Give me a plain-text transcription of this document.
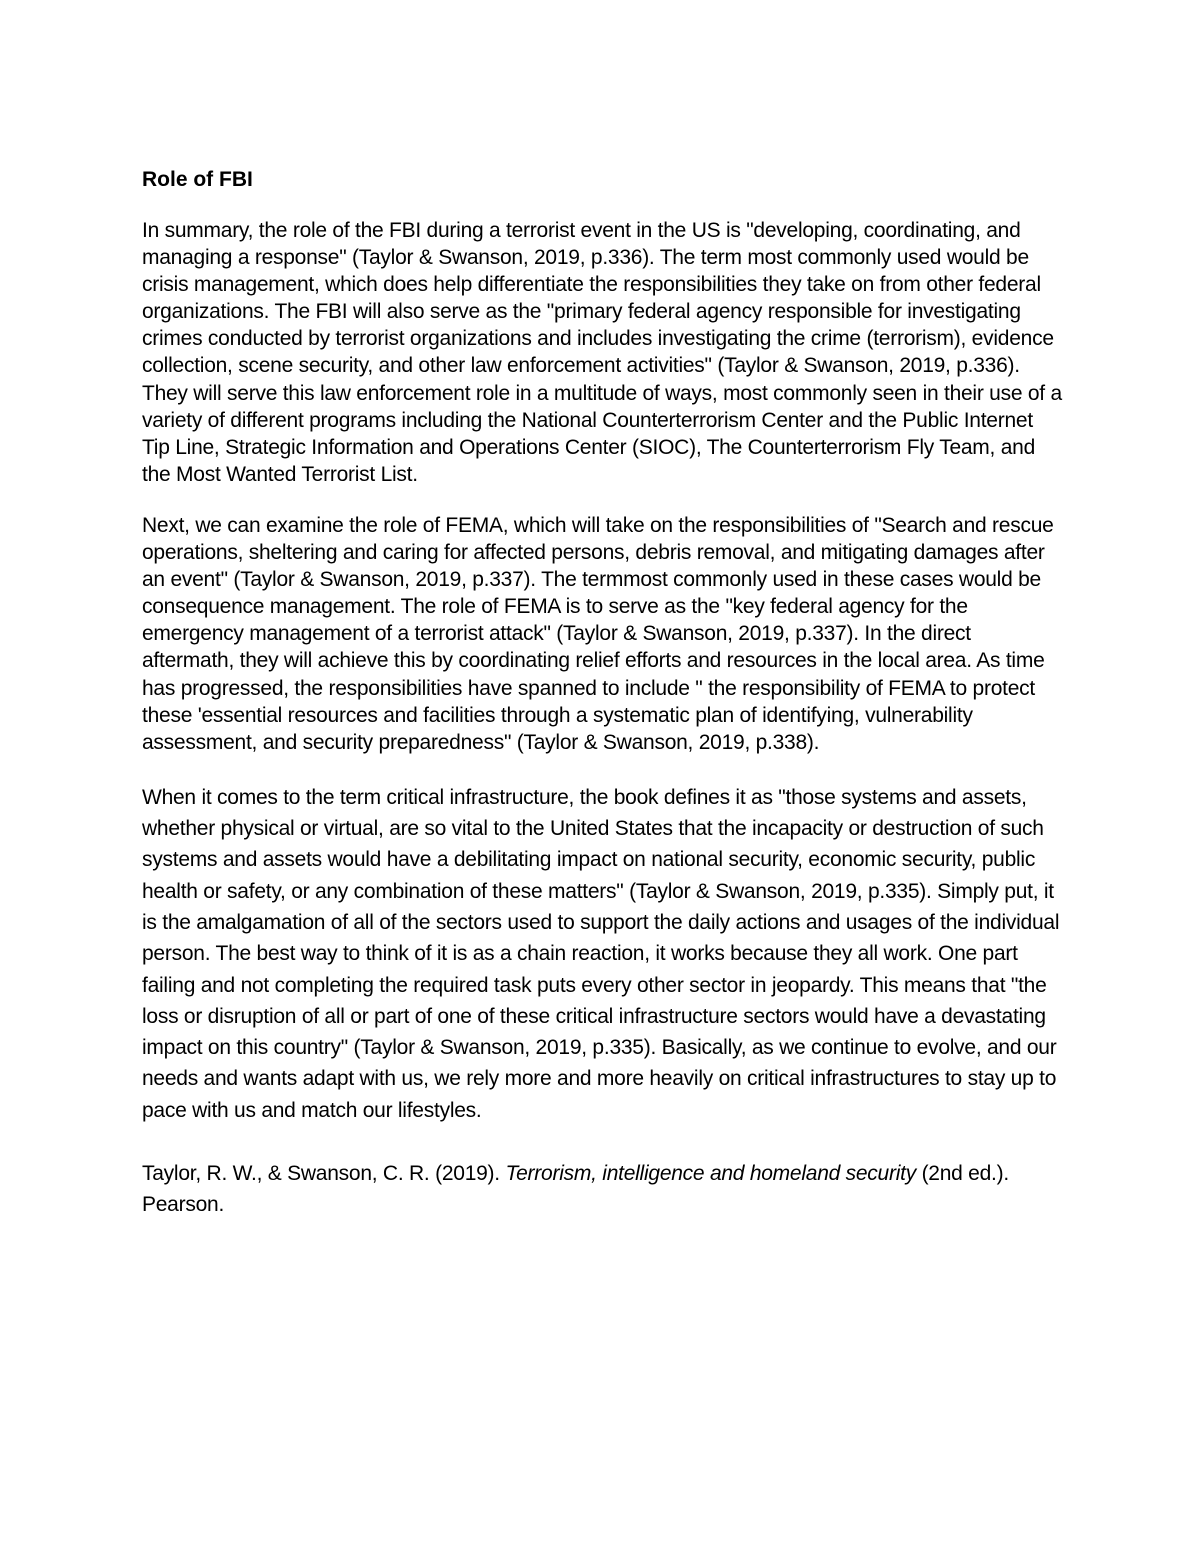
Role of FBI

In summary, the role of the FBI during a terrorist event in the US is "developing, coordinating, and managing a response" (Taylor & Swanson, 2019, p.336). The term most commonly used would be crisis management, which does help differentiate the responsibilities they take on from other federal organizations. The FBI will also serve as the "primary federal agency responsible for investigating crimes conducted by terrorist organizations and includes investigating the crime (terrorism), evidence collection, scene security, and other law enforcement activities" (Taylor & Swanson, 2019, p.336). They will serve this law enforcement role in a multitude of ways, most commonly seen in their use of a variety of different programs including the National Counterterrorism Center and the Public Internet Tip Line, Strategic Information and Operations Center (SIOC), The Counterterrorism Fly Team, and the Most Wanted Terrorist List.

Next, we can examine the role of FEMA, which will take on the responsibilities of "Search and rescue operations, sheltering and caring for affected persons, debris removal, and mitigating damages after an event" (Taylor & Swanson, 2019, p.337). The termmost commonly used in these cases would be consequence management. The role of FEMA is to serve as the "key federal agency for the emergency management of a terrorist attack" (Taylor & Swanson, 2019, p.337). In the direct aftermath, they will achieve this by coordinating relief efforts and resources in the local area. As time has progressed, the responsibilities have spanned to include " the responsibility of FEMA to protect these 'essential resources and facilities through a systematic plan of identifying, vulnerability assessment, and security preparedness" (Taylor & Swanson, 2019, p.338).

When it comes to the term critical infrastructure, the book defines it as "those systems and assets, whether physical or virtual, are so vital to the United States that the incapacity or destruction of such systems and assets would have a debilitating impact on national security, economic security, public health or safety, or any combination of these matters" (Taylor & Swanson, 2019, p.335). Simply put, it is the amalgamation of all of the sectors used to support the daily actions and usages of the individual person. The best way to think of it is as a chain reaction, it works because they all work. One part failing and not completing the required task puts every other sector in jeopardy. This means that "the loss or disruption of all or part of one of these critical infrastructure sectors would have a devastating impact on this country" (Taylor & Swanson, 2019, p.335). Basically, as we continue to evolve, and our needs and wants adapt with us, we rely more and more heavily on critical infrastructures to stay up to pace with us and match our lifestyles.

Taylor, R. W., & Swanson, C. R. (2019). Terrorism, intelligence and homeland security (2nd ed.). Pearson.
